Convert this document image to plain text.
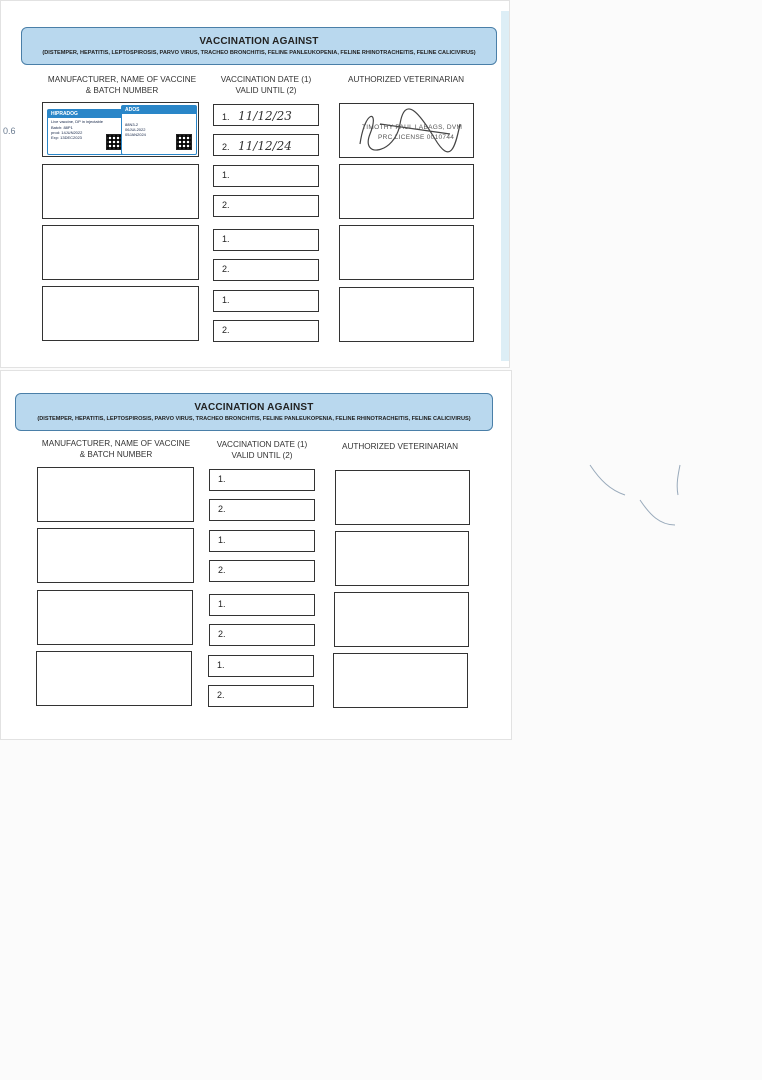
VACCINATION AGAINST
(DISTEMPER, HEPATITIS, LEPTOSPIROSIS, PARVO VIRUS, TRACHEO BRONCHITIS, FELINE PANLEUKOPENIA, FELINE RHINOTRACHEITIS, FELINE CALICIVIRUS)
MANUFACTURER, NAME OF VACCINE
& BATCH NUMBER
VACCINATION DATE (1)
VALID UNTIL (2)
AUTHORIZED VETERINARIAN
HIPRADOG
Live vaccine, DP in injectable
Batch: 88P1
prod: 14JUN2022
Exp: 13DEC2023
ADOS
88N3-2
06JUL2022
05JAN2024
1. 11/12/23
2. 11/12/24
TIMOTHY PAUL LABAGS, DVM
PRC LICENSE 0010744
1.
2.
1.
2.
1.
2.
0.6
VACCINATION AGAINST
(DISTEMPER, HEPATITIS, LEPTOSPIROSIS, PARVO VIRUS, TRACHEO BRONCHITIS, FELINE PANLEUKOPENIA, FELINE RHINOTRACHEITIS, FELINE CALICIVIRUS)
MANUFACTURER, NAME OF VACCINE
& BATCH NUMBER
VACCINATION DATE (1)
VALID UNTIL (2)
AUTHORIZED VETERINARIAN
1.
2.
1.
2.
1.
2.
1.
2.
